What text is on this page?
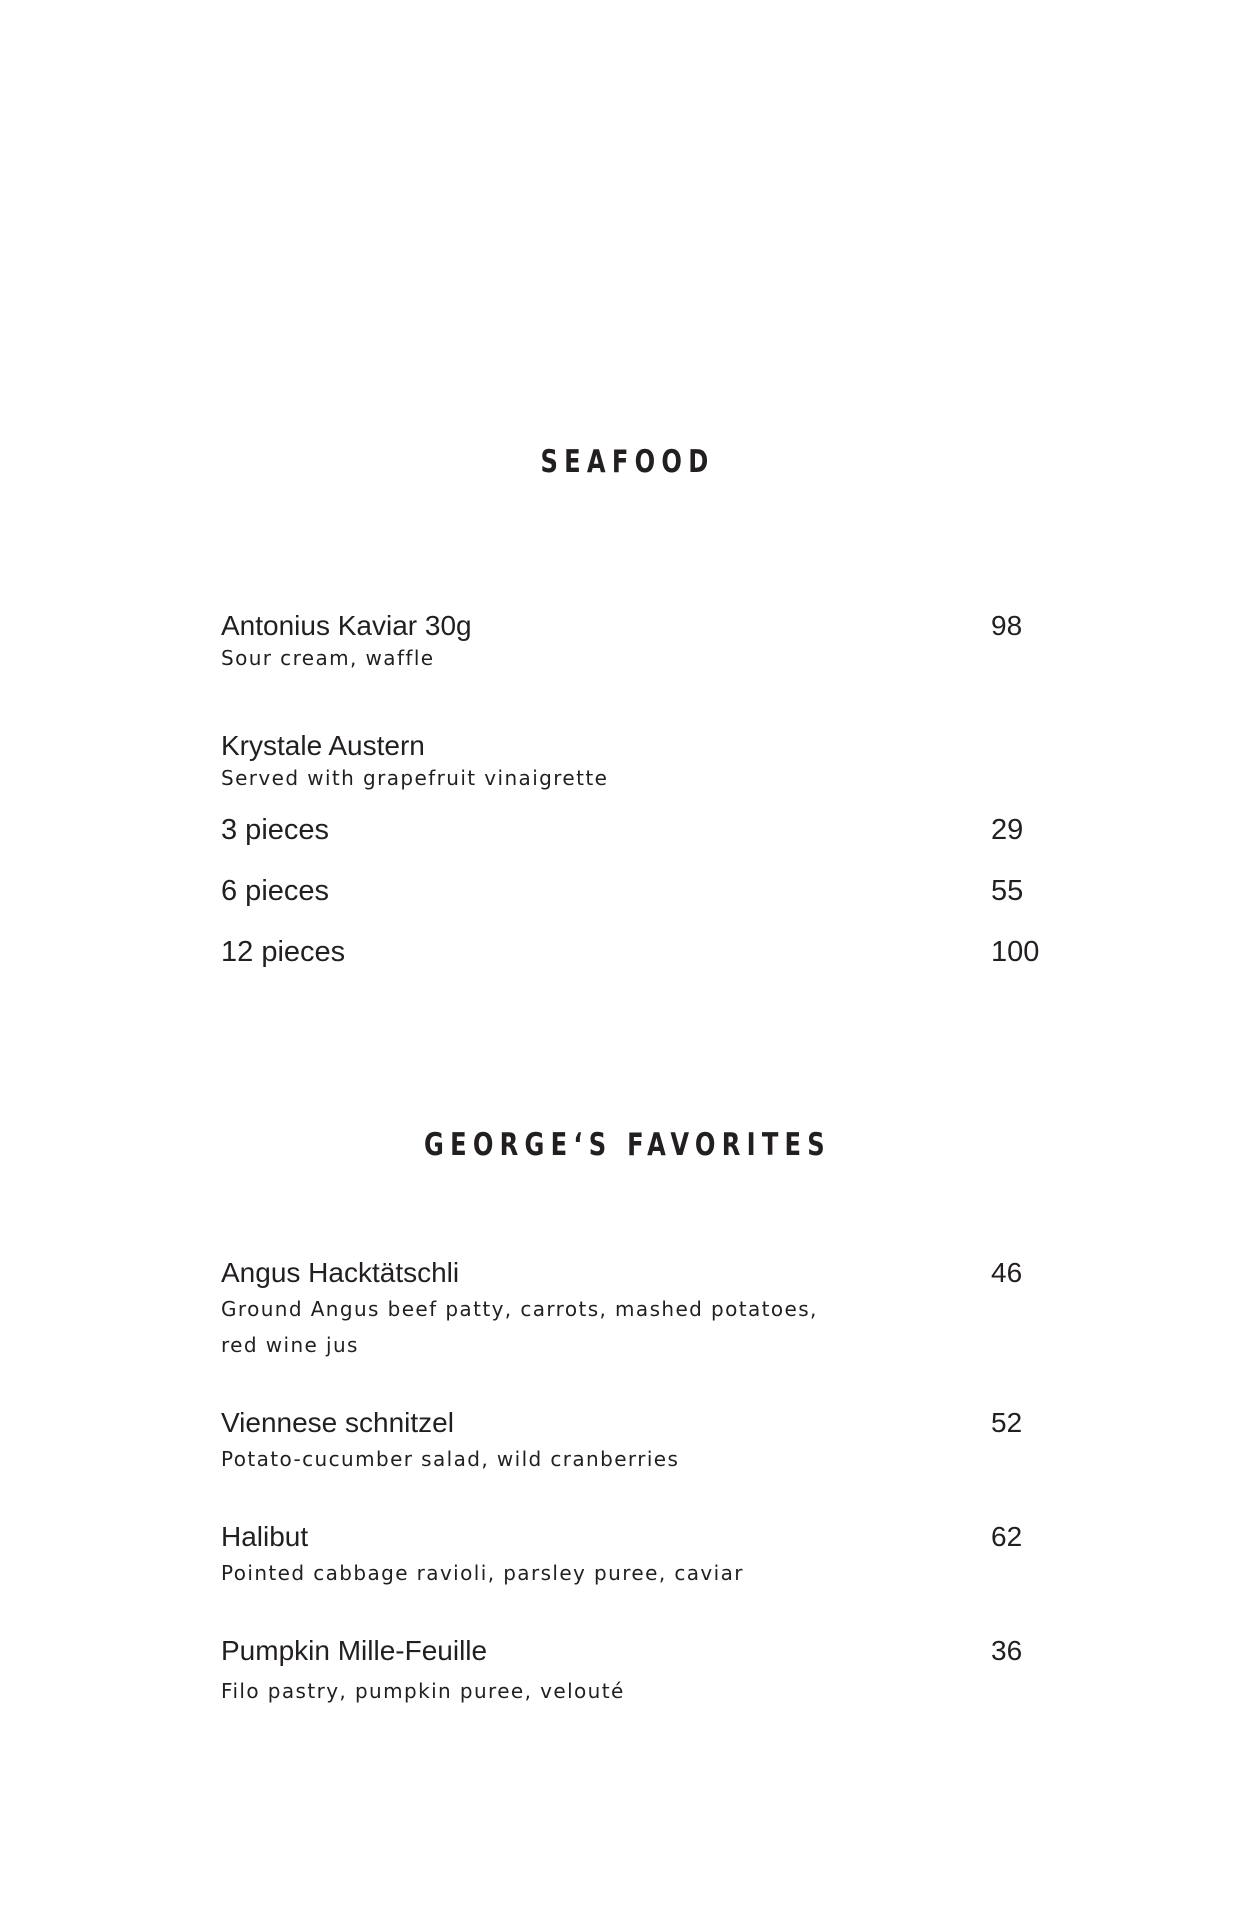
SEAFOOD
Antonius Kaviar 30g	98
Sour cream, waffle
Krystale Austern
Served with grapefruit vinaigrette
3 pieces	29
6 pieces	55
12 pieces	100
GEORGE‘S FAVORITES
Angus Hacktätschli	46
Ground Angus beef patty, carrots, mashed potatoes,
red wine jus
Viennese schnitzel	52
Potato-cucumber salad, wild cranberries
Halibut	62
Pointed cabbage ravioli, parsley puree, caviar
Pumpkin Mille-Feuille	36
Filo pastry, pumpkin puree, velouté
